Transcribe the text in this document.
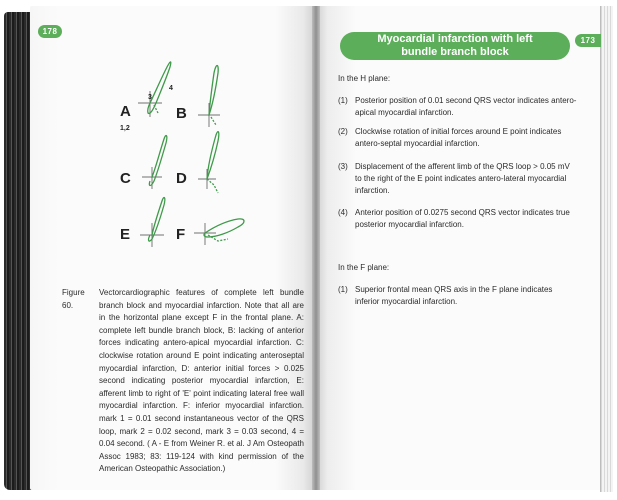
178
A	B
C	D
E	F
3
4
1,2
Figure 60.
Vectorcardiographic features of complete left bundle branch block and myocardial infarction. Note that all are in the horizontal plane except F in the frontal plane. A: complete left bundle branch block, B: lacking of anterior forces indicating antero-apical myocardial infarction. C: clockwise rotation around E point indicating anteroseptal myocardial infarction, D: anterior initial forces > 0.025 second indicating posterior myocardial infarction, E: afferent limb to right of 'E' point indicating lateral free wall myocardial infarction. F: inferior myocardial infarction. mark 1 = 0.01 second instantaneous vector of the QRS loop, mark 2 = 0.02 second, mark 3 = 0.03 second, 4 = 0.04 second. ( A - E from Weiner R. et al. J Am Osteopath Assoc 1983; 83: 119-124 with kind permission of the American Osteopathic Association.)
Myocardial infarction with left
bundle branch block
173
In the H plane:
(1) Posterior position of 0.01 second QRS vector indicates antero-apical myocardial infarction.
(2) Clockwise rotation of initial forces around E point indicates antero-septal myocardial infarction.
(3) Displacement of the afferent limb of the QRS loop > 0.05 mV to the right of the E point indicates antero-lateral myocardial infarction.
(4) Anterior position of 0.0275 second QRS vector indicates true posterior myocardial infarction.
In the F plane:
(1) Superior frontal mean QRS axis in the F plane indicates inferior myocardial infarction.
